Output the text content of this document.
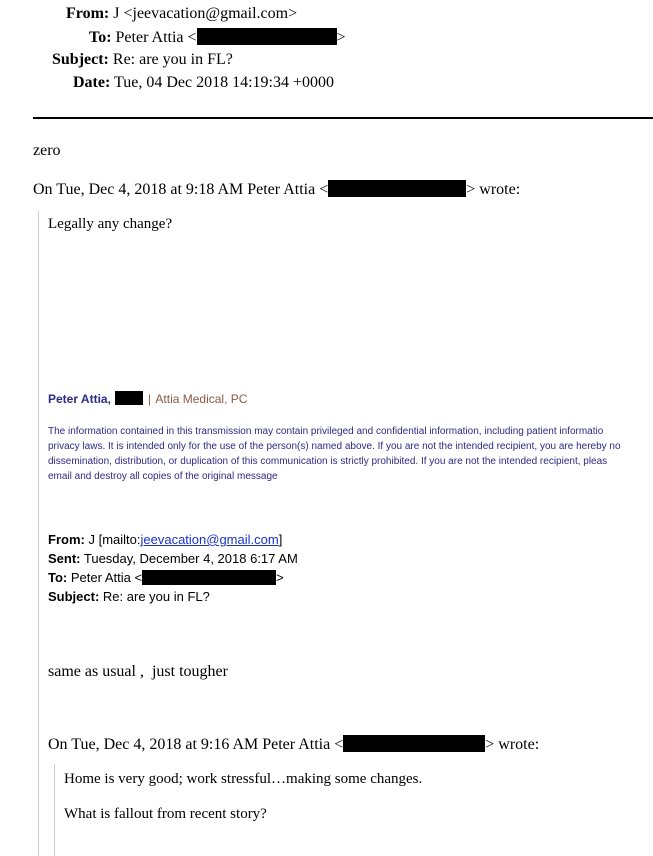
From: J <jeevacation@gmail.com>
To: Peter Attia <	>
Subject: Re: are you in FL?
Date: Tue, 04 Dec 2018 14:19:34 +0000
zero
On Tue, Dec 4, 2018 at 9:18 AM Peter Attia <	> wrote:
Legally any change?
Peter Attia,	| Attia Medical, PC
The information contained in this transmission may contain privileged and confidential information, including patient informatio
privacy laws. It is intended only for the use of the person(s) named above. If you are not the intended recipient, you are hereby no
dissemination, distribution, or duplication of this communication is strictly prohibited. If you are not the intended recipient, pleas
email and destroy all copies of the original message
From: J [mailto:jeevacation@gmail.com]
Sent: Tuesday, December 4, 2018 6:17 AM
To: Peter Attia <	>
Subject: Re: are you in FL?
same as usual ,  just tougher
On Tue, Dec 4, 2018 at 9:16 AM Peter Attia <	> wrote:
Home is very good; work stressful…making some changes.
What is fallout from recent story?
